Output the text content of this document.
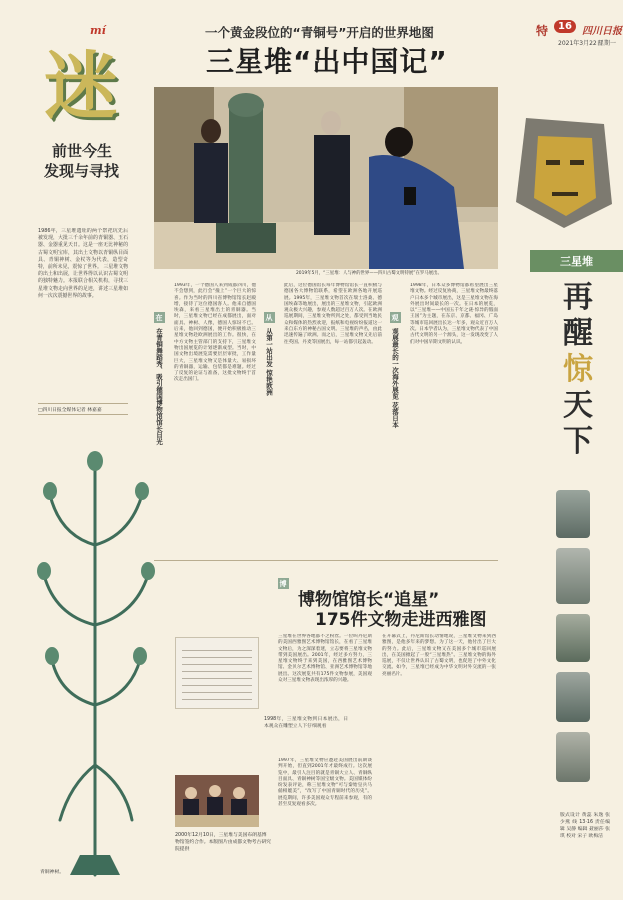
mí
迷
前世今生
发现与寻找
一个黄金段位的“青铜号”开启的世界地图
三星堆“出中国记”
特 16	四川日报
2021年3月22日
星期一
2019年5月，“三星堆：人与神的世界——四川古蜀文明特展”在罗马展出。
1986年，三星堆遗址的两个祭祀坑先后被发现，大批三千余年前的青铜器、玉石器、金器重见天日。这是一座无比神秘的古蜀文明宝库，其出土文物以青铜纵目面具、青铜神树、金杖等为代表，造型奇特，前所未见，震惊了世界。 三星堆文物的出土和出展，让世界得以认识古蜀文明的独特魅力。本报联合相关机构，寻找三星堆文物走向世界的足迹，讲述三星堆如何一次次震撼世界的故事。
□四川日报全媒体记者 林嘉嘉
在
在青铜舞蹈秀、吸引德国博物馆馆长目光
1993年，一个德国人来到成都四川，他不会想到，此行会“撞上”一个巨大的惊喜。作为当时的四川省博物馆馆长赵殿增，接待了这位德国客人。他来自德国埃森，来看三星堆出土的青铜器。当时，三星堆文物已经在成都展出，面对面具、神树、人像，德国人惊讶不已。后来，他回到德国，便开始积极推动三星堆文物赴欧洲展出的工作。很快，在中方文物主管部门的支持下，三星堆文物出国展览的计划逐渐成型。当时，中国文物出境展览需要层层审批，工作量巨大，三星堆文物又是体量大、易损坏的青铜器，运输、包装都是难题。经过了反复的论证与准备，这批文物终于首次走出国门。
从
从第一站出发 惊艳欧洲
此后，这位德国馆长每年博物馆馆长一直积极与德国各大博物馆联系，希望在欧洲各地开展巡展。1995年，三星堆文物首次在瑞士洛桑、德国埃森等地展出，展出的三星堆文物，引起欧洲观众极大兴趣，参观人数超过百万人次。在欧洲巡展期间，三星堆文物所到之处，都受到当地民众和媒体的热烈欢迎，报纸和电视纷纷报道这一来自东方的神秘古国文明。三星堆的声名，由此迅速传遍了欧洲。而之后，三星堆文物又先后前往英国、丹麦等国展出，每一站都引起轰动。
观
观展最长的一次海外展览 花落日本
1998年，日本众多博物馆都希望展出三星堆文物。经过反复协商，三星堆文物最终落户日本多个城市展出，这是三星堆文物在海外展出时间最长的一次。在日本的展览，以“三星堆——中国五千年之谜·惊异的假面王国”为主题，在东京、京都、福冈、广岛等城市巡回展出长达一年多，观众近百万人次。日本学者认为，三星堆文物代表了中国古代文明的另一个源头，这一发现改变了人们对中国早期文明的认识。
青铜神树。
博
博物馆馆长“追星”
175件文物走进西雅图
1998年，三星堆文物到日本展出，日本观众在雕塑立人下仔细观看
2000年12月10日，三星堆与美国布朗基博物馆签约合作。本版图片由成都文物考古研究院提供
三星堆在世界各地都不乏粉丝。一位叫丹尼斯的美国西雅图艺术博物馆馆长，在看了三星堆文物后，为之深深着迷，立志要将三星堆文物带到美国展出。2001年，经过多方努力，三星堆文物终于来到美国，在西雅图艺术博物馆、金贝尔艺术博物馆、亚洲艺术博物馆等地展出。这次展览共有175件文物参展，美国观众对三星堆文物表现出浓厚的兴趣。
1997年，三星堆文物应邀赴美国展出前期谈判开始，但直到2001年才最终成行。这次展览中，最引人注目的就是青铜大立人、青铜纵目面具、青铜神树等国宝级文物。美国媒体纷纷发表评论，称三星堆文物“可与秦始皇兵马俑相媲美”，“改写了中国青铜时代的历史”。展览期间，许多美国观众专程前来参观，有的甚至反复观看多次。
在开幕式上，丹尼斯馆长动情地说，三星堆文物来到西雅图，是他多年来的梦想。为了这一天，他付出了巨大的努力。此后，三星堆文物又在美国多个城市巡回展出，在美国掀起了一股“三星堆热”。三星堆文物的海外巡展，不仅让世界认识了古蜀文明，也促进了中外文化交流。如今，三星堆已经成为中华文明对外交流的一张亮丽名片。
三星堆
再
醒
惊
天
下
版式设计 黄蕊 朱逸 张少燕 线 13·16 责任编辑 吴静 编辑 聂丽莎 张琪 校对 宋子 欧梅洁
